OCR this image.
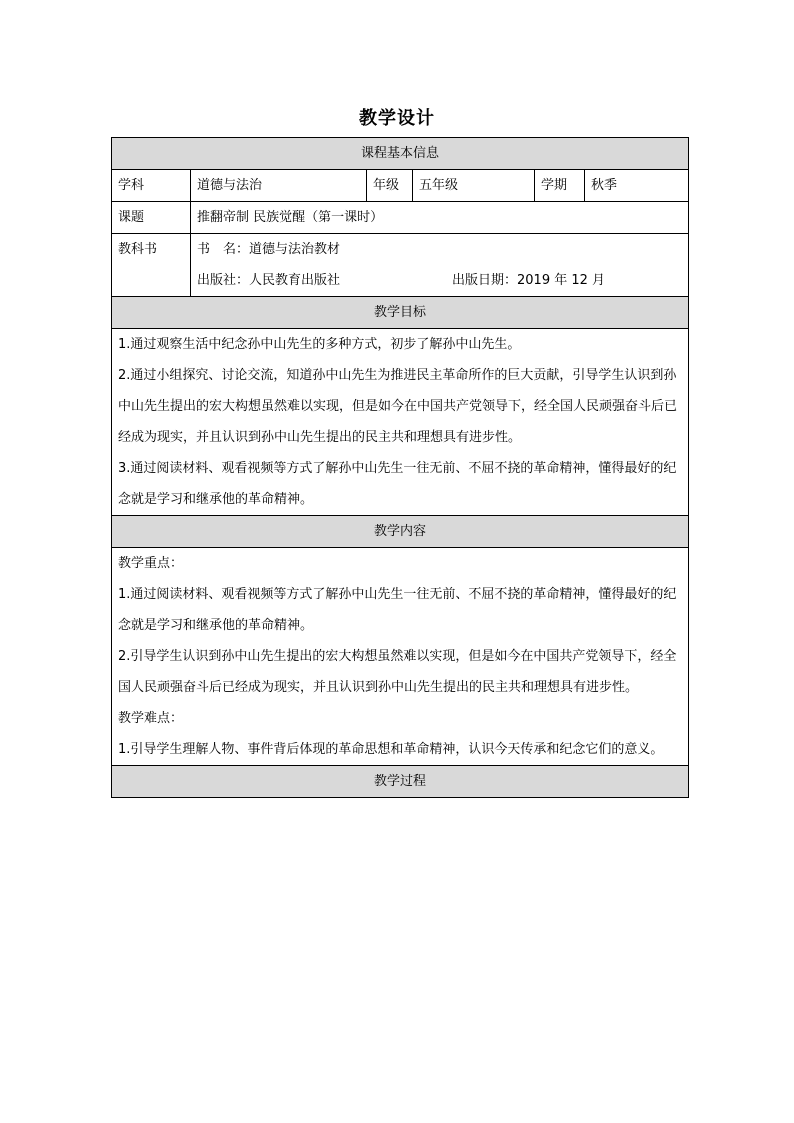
教学设计
课程基本信息					
学科	道德与法治	年级	五年级	学期	秋季
课题	推翻帝制 民族觉醒（第一课时）				
教科书	书　名：道德与法治教材
出版社：人民教育出版社 出版日期：2019 年 12 月				

教学目标					

1.通过观察生活中纪念孙中山先生的多种方式，初步了解孙中山先生。

2.通过小组探究、讨论交流，知道孙中山先生为推进民主革命所作的巨大贡献，引导学生认识到孙中山先生提出的宏大构想虽然难以实现，但是如今在中国共产党领导下，经全国人民顽强奋斗后已经成为现实，并且认识到孙中山先生提出的民主共和理想具有进步性。

3.通过阅读材料、观看视频等方式了解孙中山先生一往无前、不屈不挠的革命精神，懂得最好的纪念就是学习和继承他的革命精神。					

教学内容					

教学重点：

1.通过阅读材料、观看视频等方式了解孙中山先生一往无前、不屈不挠的革命精神，懂得最好的纪念就是学习和继承他的革命精神。

2.引导学生认识到孙中山先生提出的宏大构想虽然难以实现，但是如今在中国共产党领导下，经全国人民顽强奋斗后已经成为现实，并且认识到孙中山先生提出的民主共和理想具有进步性。

教学难点：

1.引导学生理解人物、事件背后体现的革命思想和革命精神，认识今天传承和纪念它们的意义。					

教学过程					
